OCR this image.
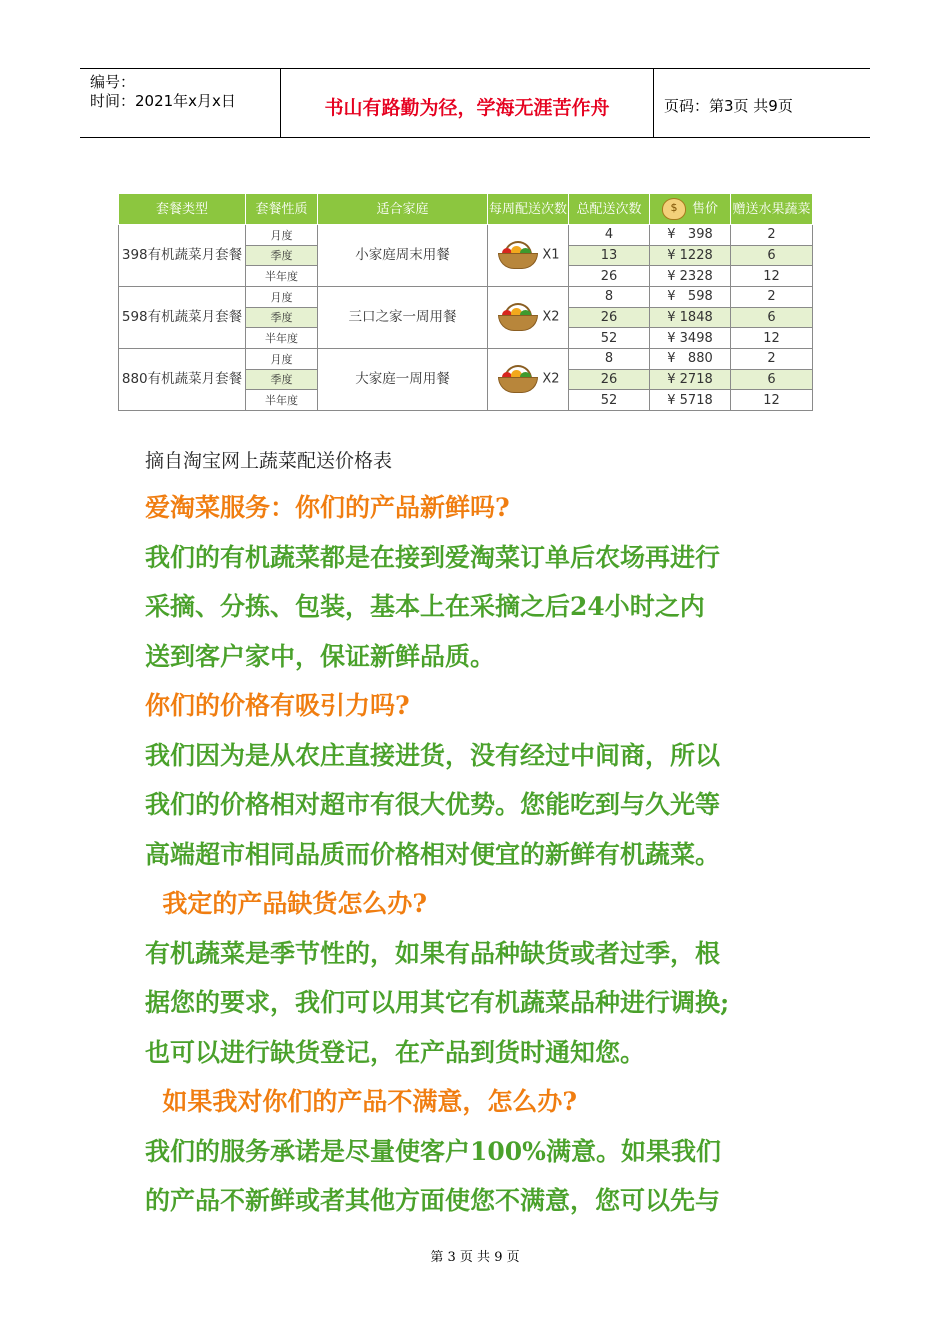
编号：
时间：2021年x月x日	书山有路勤为径，学海无涯苦作舟	页码：第3页 共9页
套餐类型	套餐性质	适合家庭	每周配送次数	总配送次数	$ 售价	赠送水果蔬菜
398有机蔬菜月套餐	月度	小家庭周末用餐	X1	4	¥   398	2
	季度			13	¥ 1228	6
	半年度			26	¥ 2328	12
598有机蔬菜月套餐	月度	三口之家一周用餐	X2	8	¥   598	2
	季度			26	¥ 1848	6
	半年度			52	¥ 3498	12
880有机蔬菜月套餐	月度	大家庭一周用餐	X2	8	¥   880	2
	季度			26	¥ 2718	6
	半年度			52	¥ 5718	12
摘自淘宝网上蔬菜配送价格表
爱淘菜服务：你们的产品新鲜吗?
我们的有机蔬菜都是在接到爱淘菜订单后农场再进行
采摘、分拣、包装，基本上在采摘之后24小时之内
送到客户家中，保证新鲜品质。
你们的价格有吸引力吗?
我们因为是从农庄直接进货，没有经过中间商，所以
我们的价格相对超市有很大优势。您能吃到与久光等
高端超市相同品质而价格相对便宜的新鲜有机蔬菜。
我定的产品缺货怎么办?
有机蔬菜是季节性的，如果有品种缺货或者过季，根
据您的要求，我们可以用其它有机蔬菜品种进行调换;
也可以进行缺货登记，在产品到货时通知您。
如果我对你们的产品不满意，怎么办?
我们的服务承诺是尽量使客户100%满意。如果我们
的产品不新鲜或者其他方面使您不满意，您可以先与
第 3 页 共 9 页
